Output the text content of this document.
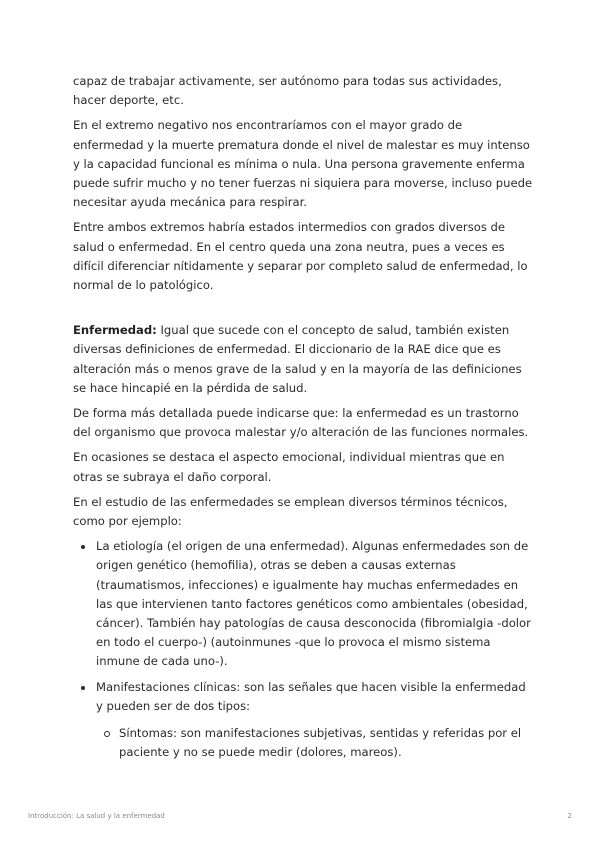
capaz de trabajar activamente, ser autónomo para todas sus actividades, hacer deporte, etc.

En el extremo negativo nos encontraríamos con el mayor grado de enfermedad y la muerte prematura donde el nivel de malestar es muy intenso y la capacidad funcional es mínima o nula. Una persona gravemente enferma puede sufrir mucho y no tener fuerzas ni siquiera para moverse, incluso puede necesitar ayuda mecánica para respirar.

Entre ambos extremos habría estados intermedios con grados diversos de salud o enfermedad. En el centro queda una zona neutra, pues a veces es difícil diferenciar nítidamente y separar por completo salud de enfermedad, lo normal de lo patológico.

Enfermedad: Igual que sucede con el concepto de salud, también existen diversas definiciones de enfermedad. El diccionario de la RAE dice que es alteración más o menos grave de la salud y en la mayoría de las definiciones se hace hincapié en la pérdida de salud.

De forma más detallada puede indicarse que: la enfermedad es un trastorno del organismo que provoca malestar y/o alteración de las funciones normales.

En ocasiones se destaca el aspecto emocional, individual mientras que en otras se subraya el daño corporal.

En el estudio de las enfermedades se emplean diversos términos técnicos, como por ejemplo:

La etiología (el origen de una enfermedad). Algunas enfermedades son de origen genético (hemofilia), otras se deben a causas externas (traumatismos, infecciones) e igualmente hay muchas enfermedades en las que intervienen tanto factores genéticos como ambientales (obesidad, cáncer). También hay patologías de causa desconocida (fibromialgia -dolor en todo el cuerpo-) (autoinmunes -que lo provoca el mismo sistema inmune de cada uno-).
Manifestaciones clínicas: son las señales que hacen visible la enfermedad y pueden ser de dos tipos:
Síntomas: son manifestaciones subjetivas, sentidas y referidas por el paciente y no se puede medir (dolores, mareos).
Introducción: La salud y la enfermedad	2
